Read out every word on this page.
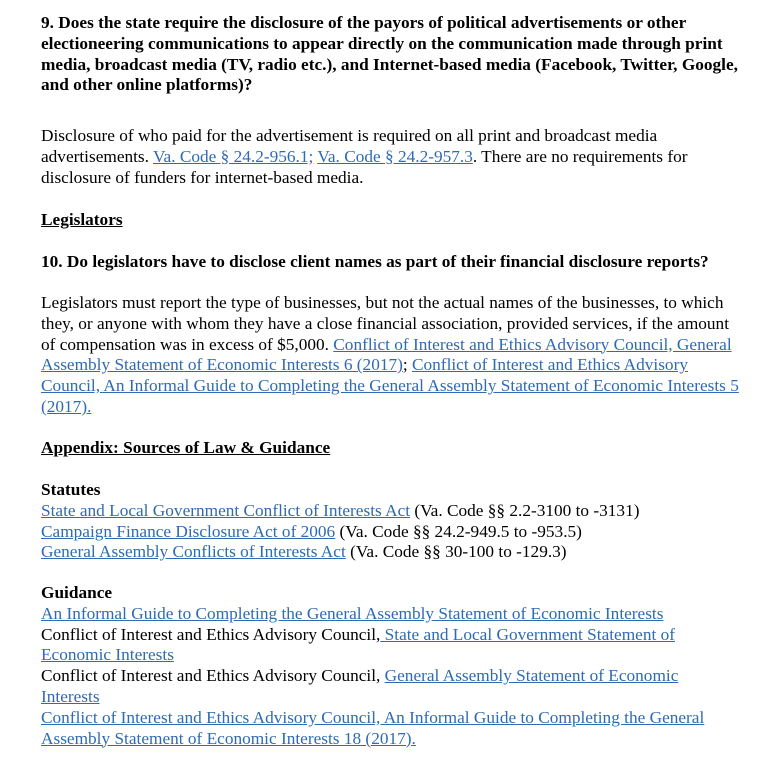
9. Does the state require the disclosure of the payors of political advertisements or other electioneering communications to appear directly on the communication made through print media, broadcast media (TV, radio etc.), and Internet-based media (Facebook, Twitter, Google, and other online platforms)?
Disclosure of who paid for the advertisement is required on all print and broadcast media advertisements. Va. Code § 24.2-956.1; Va. Code § 24.2-957.3. There are no requirements for disclosure of funders for internet-based media.
Legislators
10. Do legislators have to disclose client names as part of their financial disclosure reports?
Legislators must report the type of businesses, but not the actual names of the businesses, to which they, or anyone with whom they have a close financial association, provided services, if the amount of compensation was in excess of $5,000. Conflict of Interest and Ethics Advisory Council, General Assembly Statement of Economic Interests 6 (2017); Conflict of Interest and Ethics Advisory Council, An Informal Guide to Completing the General Assembly Statement of Economic Interests 5 (2017).
Appendix: Sources of Law & Guidance
Statutes
State and Local Government Conflict of Interests Act (Va. Code §§ 2.2-3100 to -3131)
Campaign Finance Disclosure Act of 2006 (Va. Code §§ 24.2-949.5 to -953.5)
General Assembly Conflicts of Interests Act (Va. Code §§ 30-100 to -129.3)
Guidance
An Informal Guide to Completing the General Assembly Statement of Economic Interests
Conflict of Interest and Ethics Advisory Council, State and Local Government Statement of Economic Interests
Conflict of Interest and Ethics Advisory Council, General Assembly Statement of Economic Interests
Conflict of Interest and Ethics Advisory Council, An Informal Guide to Completing the General Assembly Statement of Economic Interests 18 (2017).
